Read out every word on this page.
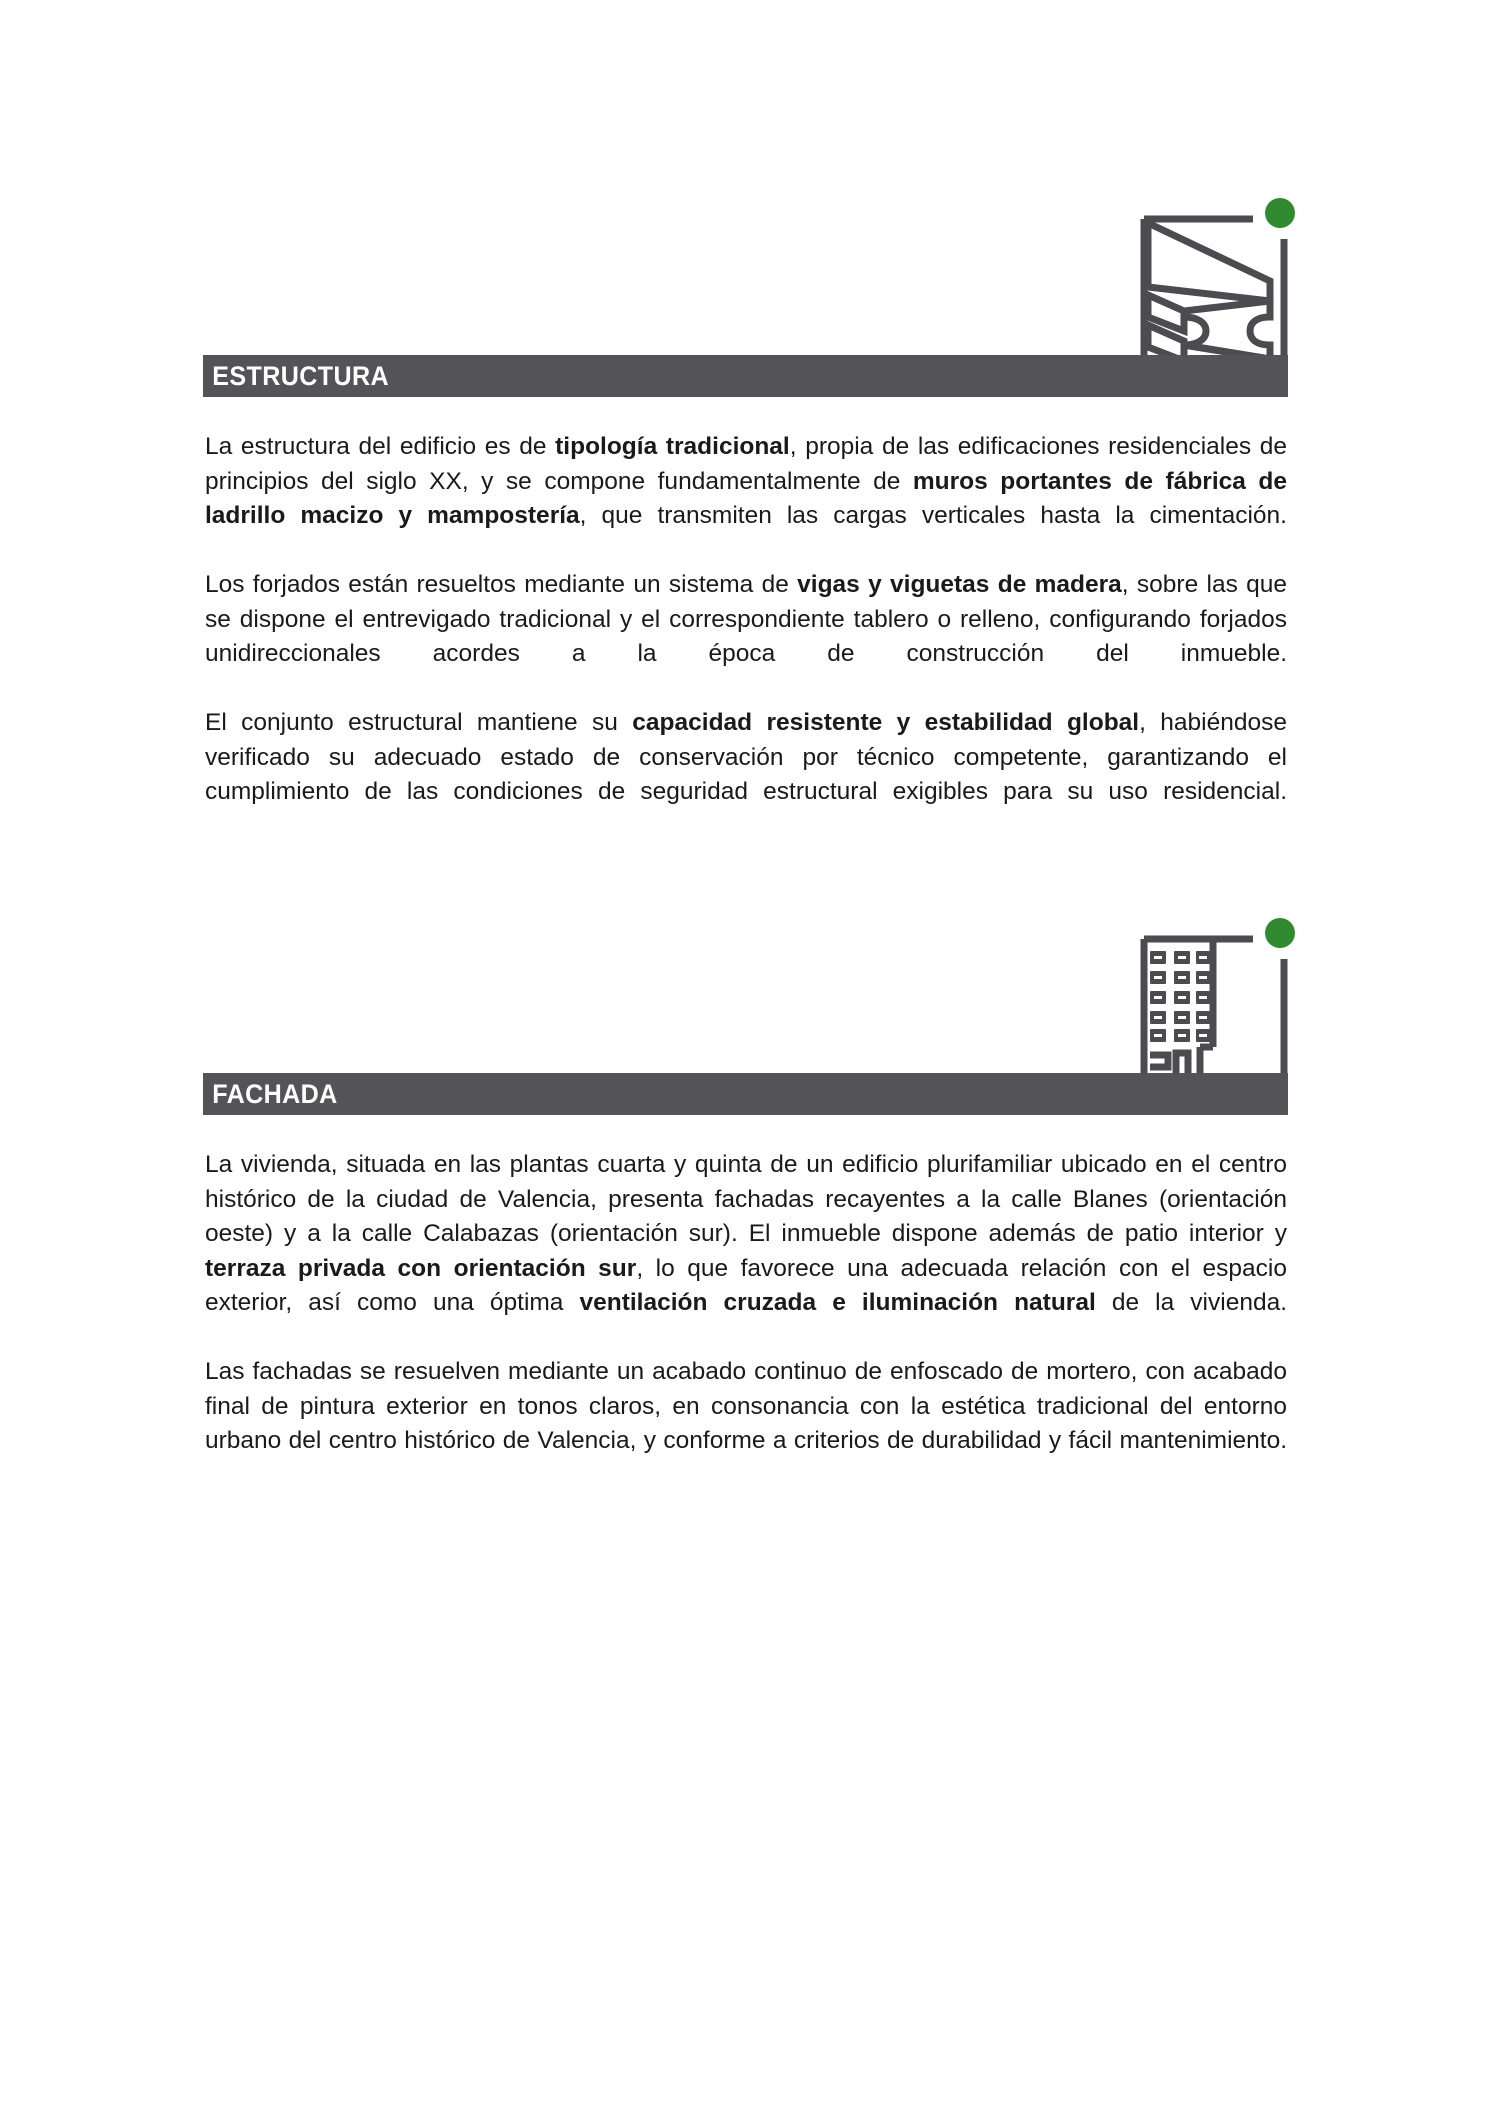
ESTRUCTURA

La estructura del edificio es de tipología tradicional, propia de las edificaciones residenciales de principios del siglo XX, y se compone fundamentalmente de muros portantes de fábrica de ladrillo macizo y mampostería, que transmiten las cargas verticales hasta la cimentación.

Los forjados están resueltos mediante un sistema de vigas y viguetas de madera, sobre las que se dispone el entrevigado tradicional y el correspondiente tablero o relleno, configurando forjados unidireccionales acordes a la época de construcción del inmueble.

El conjunto estructural mantiene su capacidad resistente y estabilidad global, habiéndose verificado su adecuado estado de conservación por técnico competente, garantizando el cumplimiento de las condiciones de seguridad estructural exigibles para su uso residencial.

FACHADA

La vivienda, situada en las plantas cuarta y quinta de un edificio plurifamiliar ubicado en el centro histórico de la ciudad de Valencia, presenta fachadas recayentes a la calle Blanes (orientación oeste) y a la calle Calabazas (orientación sur). El inmueble dispone además de patio interior y terraza privada con orientación sur, lo que favorece una adecuada relación con el espacio exterior, así como una óptima ventilación cruzada e iluminación natural de la vivienda.

Las fachadas se resuelven mediante un acabado continuo de enfoscado de mortero, con acabado final de pintura exterior en tonos claros, en consonancia con la estética tradicional del entorno urbano del centro histórico de Valencia, y conforme a criterios de durabilidad y fácil mantenimiento.
